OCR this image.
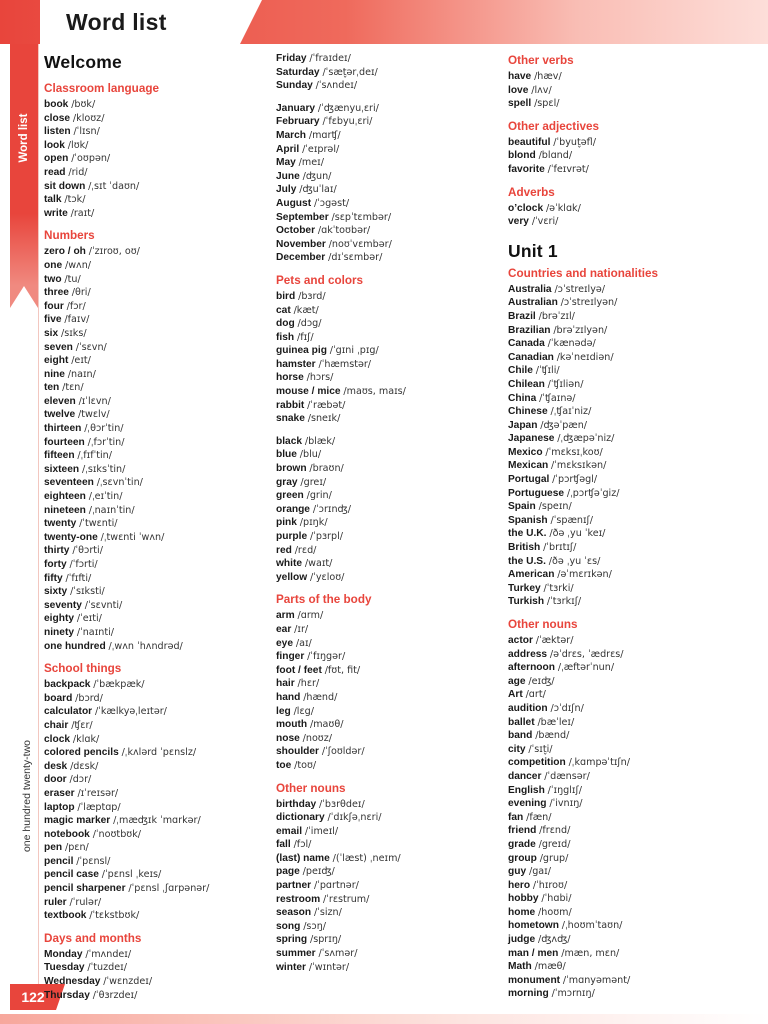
Word list
Word list
one hundred twenty-two
122
Welcome
Classroom language
book /bʊk/
close /kloʊz/
listen /ˈlɪsn/
look /lʊk/
open /ˈoʊpən/
read /rid/
sit down /ˌsɪt ˈdaʊn/
talk /tɔk/
write /raɪt/
Numbers
zero / oh /ˈzɪroʊ, oʊ/
one /wʌn/
two /tu/
three /θri/
four /fɔr/
five /faɪv/
six /sɪks/
seven /ˈsɛvn/
eight /eɪt/
nine /naɪn/
ten /tɛn/
eleven /ɪˈlɛvn/
twelve /twɛlv/
thirteen /ˌθɔrˈtin/
fourteen /ˌfɔrˈtin/
fifteen /ˌfɪfˈtin/
sixteen /ˌsɪksˈtin/
seventeen /ˌsɛvnˈtin/
eighteen /ˌeɪˈtin/
nineteen /ˌnaɪnˈtin/
twenty /ˈtwɛnti/
twenty-one /ˌtwɛnti ˈwʌn/
thirty /ˈθɔrti/
forty /ˈfɔrti/
fifty /ˈfɪfti/
sixty /ˈsɪksti/
seventy /ˈsɛvnti/
eighty /ˈeɪti/
ninety /ˈnaɪnti/
one hundred /ˌwʌn ˈhʌndrəd/
School things
backpack /ˈbækpæk/
board /bɔrd/
calculator /ˈkælkyəˌleɪtər/
chair /ʧɛr/
clock /klɑk/
colored pencils /ˌkʌlərd ˈpɛnslz/
desk /dɛsk/
door /dɔr/
eraser /ɪˈreɪsər/
laptop /ˈlæptɑp/
magic marker /ˌmæʤɪk ˈmɑrkər/
notebook /ˈnoʊtbʊk/
pen /pɛn/
pencil /ˈpɛnsl/
pencil case /ˈpɛnsl ˌkeɪs/
pencil sharpener /ˈpɛnsl ˌʃɑrpənər/
ruler /ˈrulər/
textbook /ˈtɛkstbʊk/
Days and months
Monday /ˈmʌndeɪ/
Tuesday /ˈtuzdeɪ/
Wednesday /ˈwɛnzdeɪ/
Thursday /ˈθɜrzdeɪ/
Friday /ˈfraɪdeɪ/
Saturday /ˈsæt̬ərˌdeɪ/
Sunday /ˈsʌndeɪ/
January /ˈʤænyuˌɛri/
February /ˈfɛbyuˌɛri/
March /mɑrʧ/
April /ˈeɪprəl/
May /meɪ/
June /ʤun/
July /ʤuˈlaɪ/
August /ˈɔgəst/
September /sɛpˈtɛmbər/
October /ɑkˈtoʊbər/
November /noʊˈvɛmbər/
December /dɪˈsɛmbər/
Pets and colors
bird /bɜrd/
cat /kæt/
dog /dɔg/
fish /fɪʃ/
guinea pig /ˈgɪni ˌpɪg/
hamster /ˈhæmstər/
horse /hɔrs/
mouse / mice /maʊs, maɪs/
rabbit /ˈræbət/
snake /sneɪk/
black /blæk/
blue /blu/
brown /braʊn/
gray /greɪ/
green /grin/
orange /ˈɔrɪnʤ/
pink /pɪŋk/
purple /ˈpɜrpl/
red /rɛd/
white /waɪt/
yellow /ˈyɛloʊ/
Parts of the body
arm /ɑrm/
ear /ɪr/
eye /aɪ/
finger /ˈfɪŋgər/
foot / feet /fʊt, fit/
hair /hɛr/
hand /hænd/
leg /lɛg/
mouth /maʊθ/
nose /noʊz/
shoulder /ˈʃoʊldər/
toe /toʊ/
Other nouns
birthday /ˈbɜrθdeɪ/
dictionary /ˈdɪkʃəˌnɛri/
email /ˈimeɪl/
fall /fɔl/
(last) name /(ˈlæst) ˌneɪm/
page /peɪʤ/
partner /ˈpɑrtnər/
restroom /ˈrɛstrum/
season /ˈsizn/
song /sɔŋ/
spring /sprɪŋ/
summer /ˈsʌmər/
winter /ˈwɪntər/
Other verbs
have /hæv/
love /lʌv/
spell /spɛl/
Other adjectives
beautiful /ˈbyut̬əfl/
blond /blɑnd/
favorite /ˈfeɪvrət/
Adverbs
o’clock /əˈklɑk/
very /ˈvɛri/
Unit 1
Countries and nationalities
Australia /ɔˈstreɪlyə/
Australian /ɔˈstreɪlyən/
Brazil /brəˈzɪl/
Brazilian /brəˈzɪlyən/
Canada /ˈkænədə/
Canadian /kəˈneɪdiən/
Chile /ˈʧɪli/
Chilean /ˈʧɪliən/
China /ˈʧaɪnə/
Chinese /ˌʧaɪˈniz/
Japan /ʤəˈpæn/
Japanese /ˌʤæpəˈniz/
Mexico /ˈmɛksɪˌkoʊ/
Mexican /ˈmɛksɪkən/
Portugal /ˈpɔrʧəgl/
Portuguese /ˌpɔrʧəˈgiz/
Spain /speɪn/
Spanish /ˈspænɪʃ/
the U.K. /ðə ˌyu ˈkeɪ/
British /ˈbrɪtɪʃ/
the U.S. /ðə ˌyu ˈɛs/
American /əˈmɛrɪkən/
Turkey /ˈtɜrki/
Turkish /ˈtɜrkɪʃ/
Other nouns
actor /ˈæktər/
address /əˈdrɛs, ˈædrɛs/
afternoon /ˌæftərˈnun/
age /eɪʤ/
Art /ɑrt/
audition /ɔˈdɪʃn/
ballet /bæˈleɪ/
band /bænd/
city /ˈsɪt̬i/
competition /ˌkɑmpəˈtɪʃn/
dancer /ˈdænsər/
English /ˈɪŋglɪʃ/
evening /ˈivnɪŋ/
fan /fæn/
friend /frɛnd/
grade /greɪd/
group /grup/
guy /gaɪ/
hero /ˈhɪroʊ/
hobby /ˈhɑbi/
home /hoʊm/
hometown /ˌhoʊmˈtaʊn/
judge /ʤʌʤ/
man / men /mæn, mɛn/
Math /mæθ/
monument /ˈmɑnyəmənt/
morning /ˈmɔrnɪŋ/
